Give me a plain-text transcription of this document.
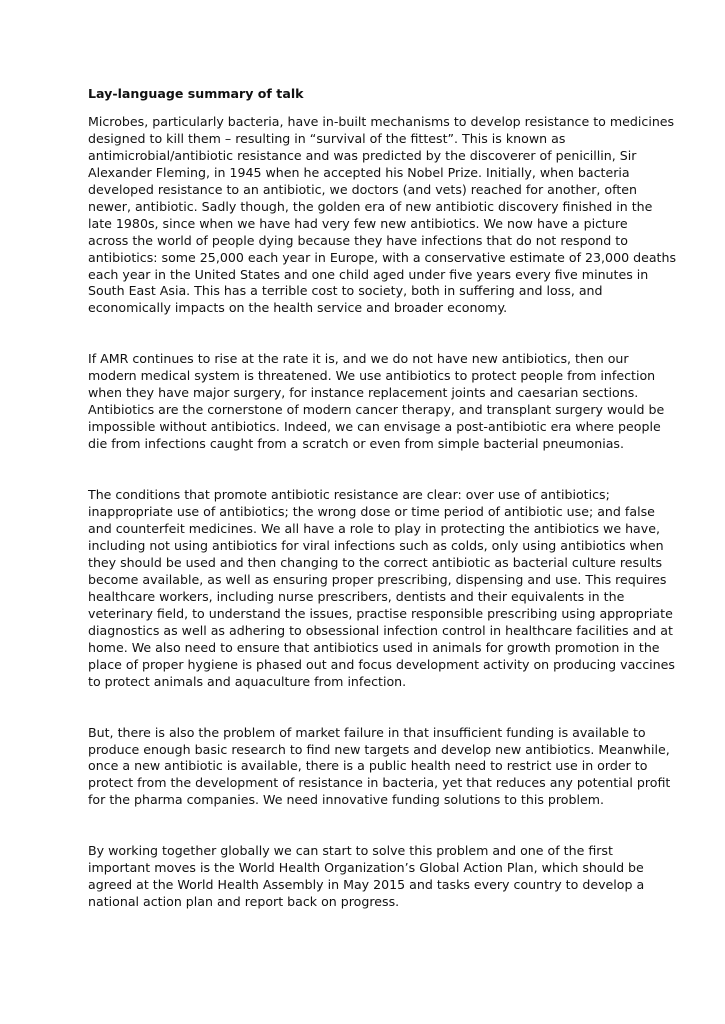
Lay-language summary of talk

Microbes, particularly bacteria, have in-built mechanisms to develop resistance to medicines
designed to kill them – resulting in “survival of the fittest”. This is known as
antimicrobial/antibiotic resistance and was predicted by the discoverer of penicillin, Sir
Alexander Fleming, in 1945 when he accepted his Nobel Prize. Initially, when bacteria
developed resistance to an antibiotic, we doctors (and vets) reached for another, often
newer, antibiotic. Sadly though, the golden era of new antibiotic discovery finished in the
late 1980s, since when we have had very few new antibiotics. We now have a picture
across the world of people dying because they have infections that do not respond to
antibiotics: some 25,000 each year in Europe, with a conservative estimate of 23,000 deaths
each year in the United States and one child aged under five years every five minutes in
South East Asia. This has a terrible cost to society, both in suffering and loss, and
economically impacts on the health service and broader economy.

If AMR continues to rise at the rate it is, and we do not have new antibiotics, then our
modern medical system is threatened. We use antibiotics to protect people from infection
when they have major surgery, for instance replacement joints and caesarian sections.
Antibiotics are the cornerstone of modern cancer therapy, and transplant surgery would be
impossible without antibiotics. Indeed, we can envisage a post-antibiotic era where people
die from infections caught from a scratch or even from simple bacterial pneumonias.

The conditions that promote antibiotic resistance are clear: over use of antibiotics;
inappropriate use of antibiotics; the wrong dose or time period of antibiotic use; and false
and counterfeit medicines. We all have a role to play in protecting the antibiotics we have,
including not using antibiotics for viral infections such as colds, only using antibiotics when
they should be used and then changing to the correct antibiotic as bacterial culture results
become available, as well as ensuring proper prescribing, dispensing and use. This requires
healthcare workers, including nurse prescribers, dentists and their equivalents in the
veterinary field, to understand the issues, practise responsible prescribing using appropriate
diagnostics as well as adhering to obsessional infection control in healthcare facilities and at
home. We also need to ensure that antibiotics used in animals for growth promotion in the
place of proper hygiene is phased out and focus development activity on producing vaccines
to protect animals and aquaculture from infection.

But, there is also the problem of market failure in that insufficient funding is available to
produce enough basic research to find new targets and develop new antibiotics. Meanwhile,
once a new antibiotic is available, there is a public health need to restrict use in order to
protect from the development of resistance in bacteria, yet that reduces any potential profit
for the pharma companies. We need innovative funding solutions to this problem.

By working together globally we can start to solve this problem and one of the first
important moves is the World Health Organization’s Global Action Plan, which should be
agreed at the World Health Assembly in May 2015 and tasks every country to develop a
national action plan and report back on progress.
